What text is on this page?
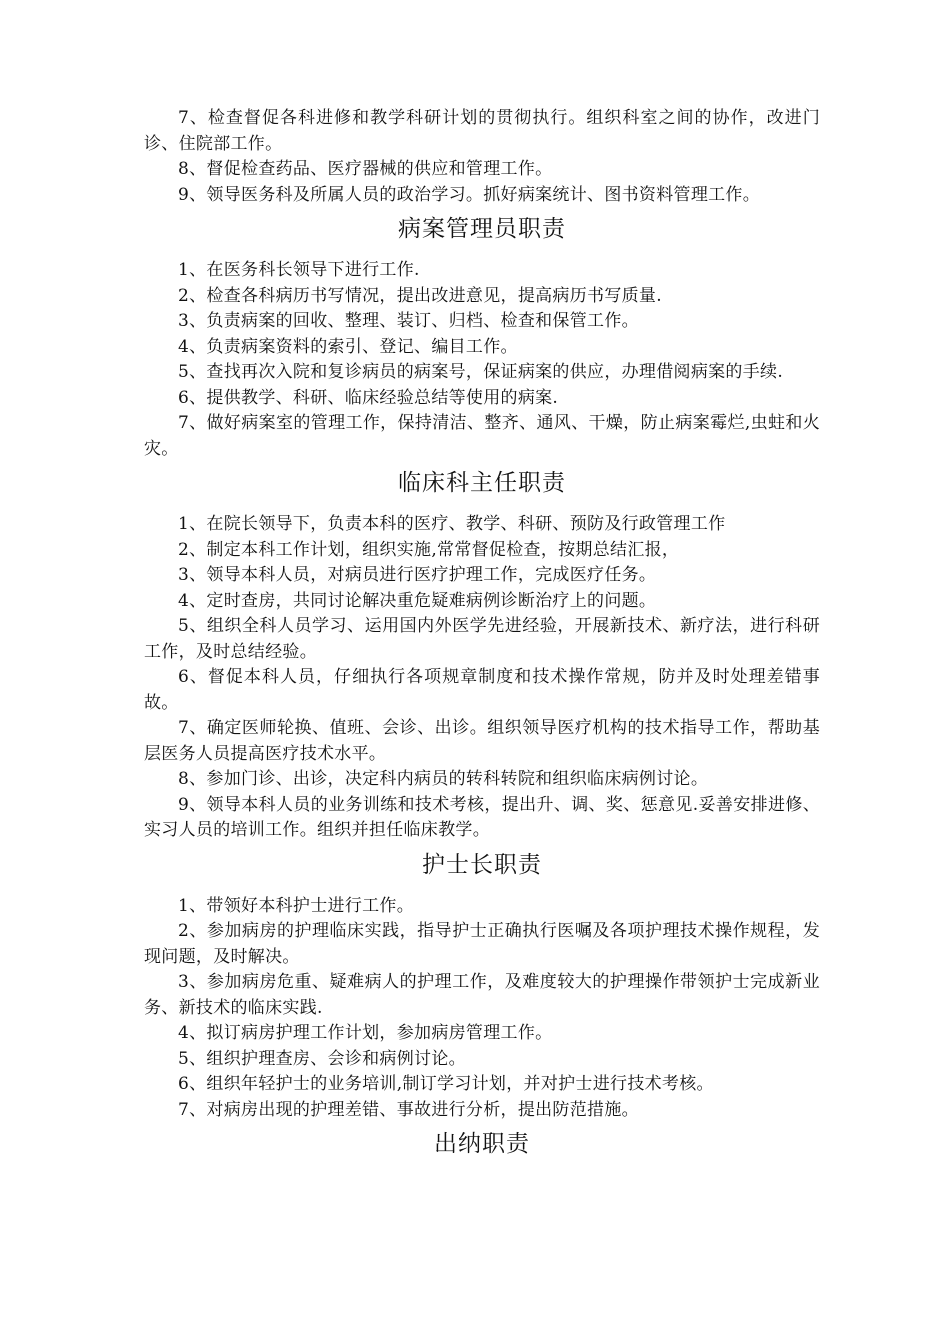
7、检查督促各科进修和教学科研计划的贯彻执行。组织科室之间的协作，改进门诊、住院部工作。

8、督促检查药品、医疗器械的供应和管理工作。

9、领导医务科及所属人员的政治学习。抓好病案统计、图书资料管理工作。

病案管理员职责

1、在医务科长领导下进行工作.

2、检查各科病历书写情况，提出改进意见，提高病历书写质量.

3、负责病案的回收、整理、装订、归档、检查和保管工作。

4、负责病案资料的索引、登记、编目工作。

5、查找再次入院和复诊病员的病案号，保证病案的供应，办理借阅病案的手续.

6、提供教学、科研、临床经验总结等使用的病案.

7、做好病案室的管理工作，保持清洁、整齐、通风、干燥，防止病案霉烂,虫蛀和火灾。

临床科主任职责

1、在院长领导下，负责本科的医疗、教学、科研、预防及行政管理工作

2、制定本科工作计划，组织实施,常常督促检查，按期总结汇报，

3、领导本科人员，对病员进行医疗护理工作，完成医疗任务。

4、定时查房，共同讨论解决重危疑难病例诊断治疗上的问题。

5、组织全科人员学习、运用国内外医学先进经验，开展新技术、新疗法，进行科研工作，及时总结经验。

6、督促本科人员，仔细执行各项规章制度和技术操作常规，防并及时处理差错事故。

7、确定医师轮换、值班、会诊、出诊。组织领导医疗机构的技术指导工作，帮助基层医务人员提高医疗技术水平。

8、参加门诊、出诊，决定科内病员的转科转院和组织临床病例讨论。

9、领导本科人员的业务训练和技术考核，提出升、调、奖、惩意见.妥善安排进修、实习人员的培训工作。组织并担任临床教学。

护士长职责

1、带领好本科护士进行工作。

2、参加病房的护理临床实践，指导护士正确执行医嘱及各项护理技术操作规程，发现问题，及时解决。

3、参加病房危重、疑难病人的护理工作，及难度较大的护理操作带领护士完成新业务、新技术的临床实践.

4、拟订病房护理工作计划，参加病房管理工作。

5、组织护理查房、会诊和病例讨论。

6、组织年轻护士的业务培训,制订学习计划，并对护士进行技术考核。

7、对病房出现的护理差错、事故进行分析，提出防范措施。

出纳职责
